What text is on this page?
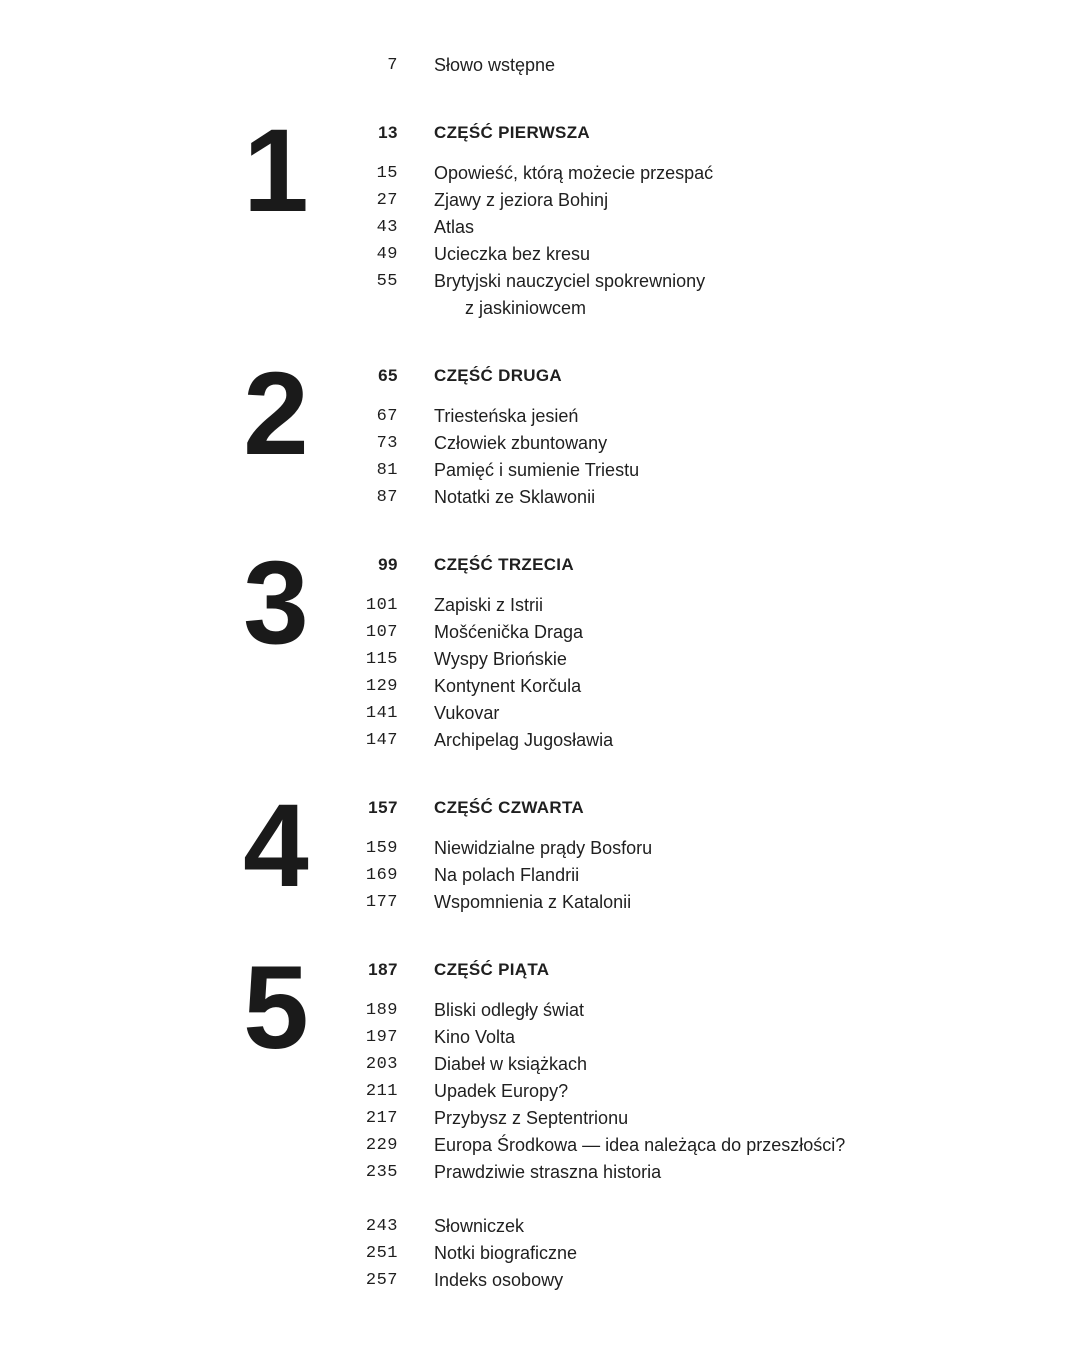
7 Słowo wstępne
1	13 CZĘŚĆ PIERWSZA
15 Opowieść, którą możecie przespać
27 Zjawy z jeziora Bohinj
43 Atlas
49 Ucieczka bez kresu
55 Brytyjski nauczyciel spokrewniony
z jaskiniowcem
2	65 CZĘŚĆ DRUGA
67 Triesteńska jesień
73 Człowiek zbuntowany
81 Pamięć i sumienie Triestu
87 Notatki ze Sklawonii
3	99 CZĘŚĆ TRZECIA
101 Zapiski z Istrii
107 Mošćenička Draga
115 Wyspy Briońskie
129 Kontynent Korčula
141 Vukovar
147 Archipelag Jugosławia
4	157 CZĘŚĆ CZWARTA
159 Niewidzialne prądy Bosforu
169 Na polach Flandrii
177 Wspomnienia z Katalonii
5	187 CZĘŚĆ PIĄTA
189 Bliski odległy świat
197 Kino Volta
203 Diabeł w książkach
211 Upadek Europy?
217 Przybysz z Septentrionu
229 Europa Środkowa — idea należąca do przeszłości?
235 Prawdziwie straszna historia
243 Słowniczek
251 Notki biograficzne
257 Indeks osobowy
